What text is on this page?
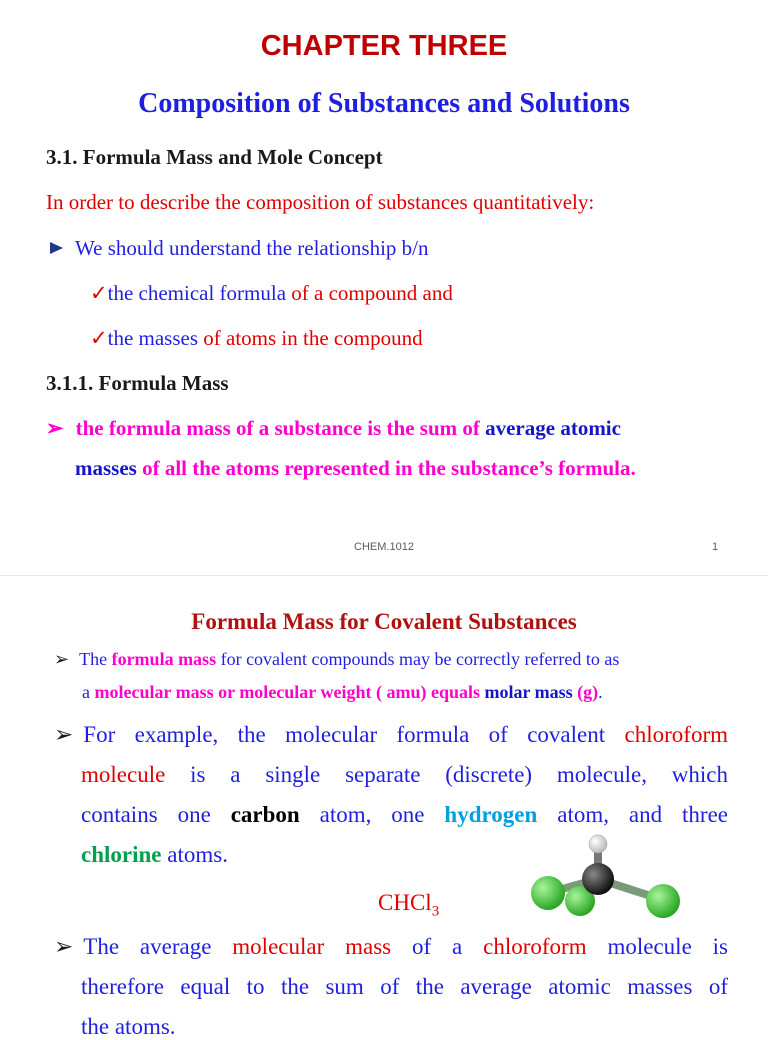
CHAPTER THREE
Composition of Substances and Solutions
3.1. Formula Mass and Mole Concept
In order to describe the composition of substances quantitatively:
We should understand the relationship b/n
✓the chemical formula of a compound and
✓the masses of atoms in the compound
3.1.1. Formula Mass
➢ the formula mass of a substance is the sum of average atomic
masses of all the atoms represented in the substance’s formula.
CHEM.1012	1
Formula Mass for Covalent Substances
➢ The formula mass for covalent compounds may be correctly referred to as
a molecular mass or molecular weight ( amu) equals molar mass (g).
➢ For example, the molecular formula of covalent chloroform
molecule is a single separate (discrete) molecule, which
contains one carbon atom, one hydrogen atom, and three
chlorine atoms.
CHCl$_3$
➢ The average molecular mass of a chloroform molecule is
therefore equal to the sum of the average atomic masses of
the atoms.
